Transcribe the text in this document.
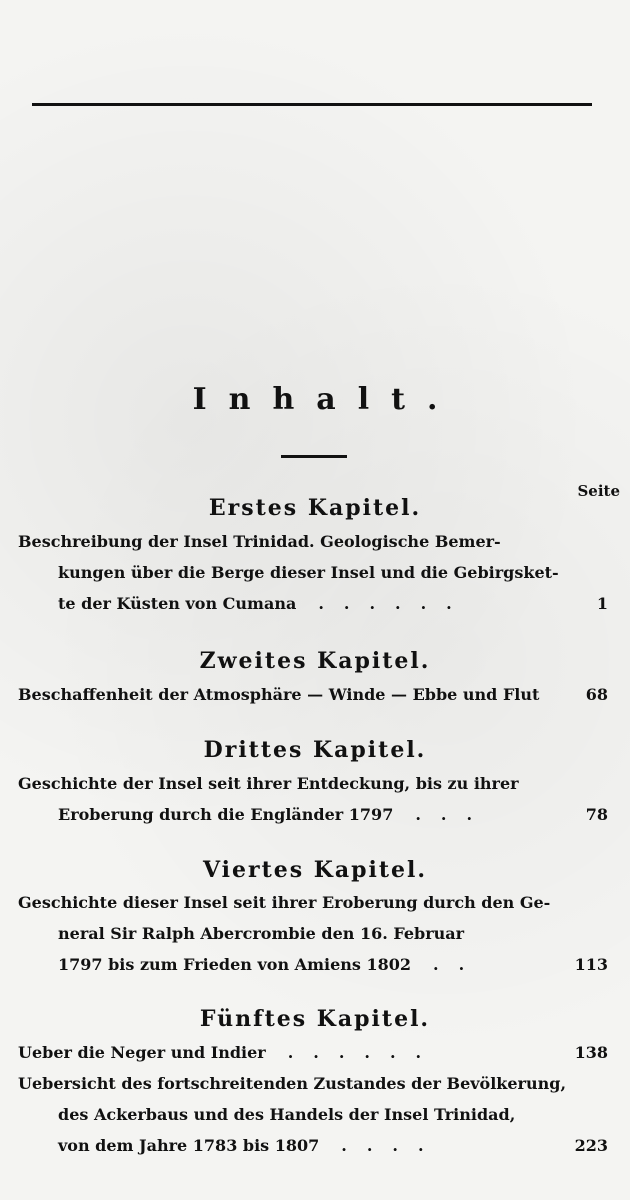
Inhalt.
Seite
Erstes Kapitel.
Beschreibung der Insel Trinidad. Geologische Bemer-
kungen über die Berge dieser Insel und die Gebirgsket-
te der Küsten von Cumana ......	1
Zweites Kapitel.
Beschaffenheit der Atmosphäre — Winde — Ebbe und Flut	68
Drittes Kapitel.
Geschichte der Insel seit ihrer Entdeckung, bis zu ihrer
Eroberung durch die Engländer 1797 ...	78
Viertes Kapitel.
Geschichte dieser Insel seit ihrer Eroberung durch den Ge-
neral Sir Ralph Abercrombie den 16. Februar
1797 bis zum Frieden von Amiens 1802 ..	113
Fünftes Kapitel.
Ueber die Neger und Indier ......	138
Uebersicht des fortschreitenden Zustandes der Bevölkerung,
des Ackerbaus und des Handels der Insel Trinidad,
von dem Jahre 1783 bis 1807 ....	223
